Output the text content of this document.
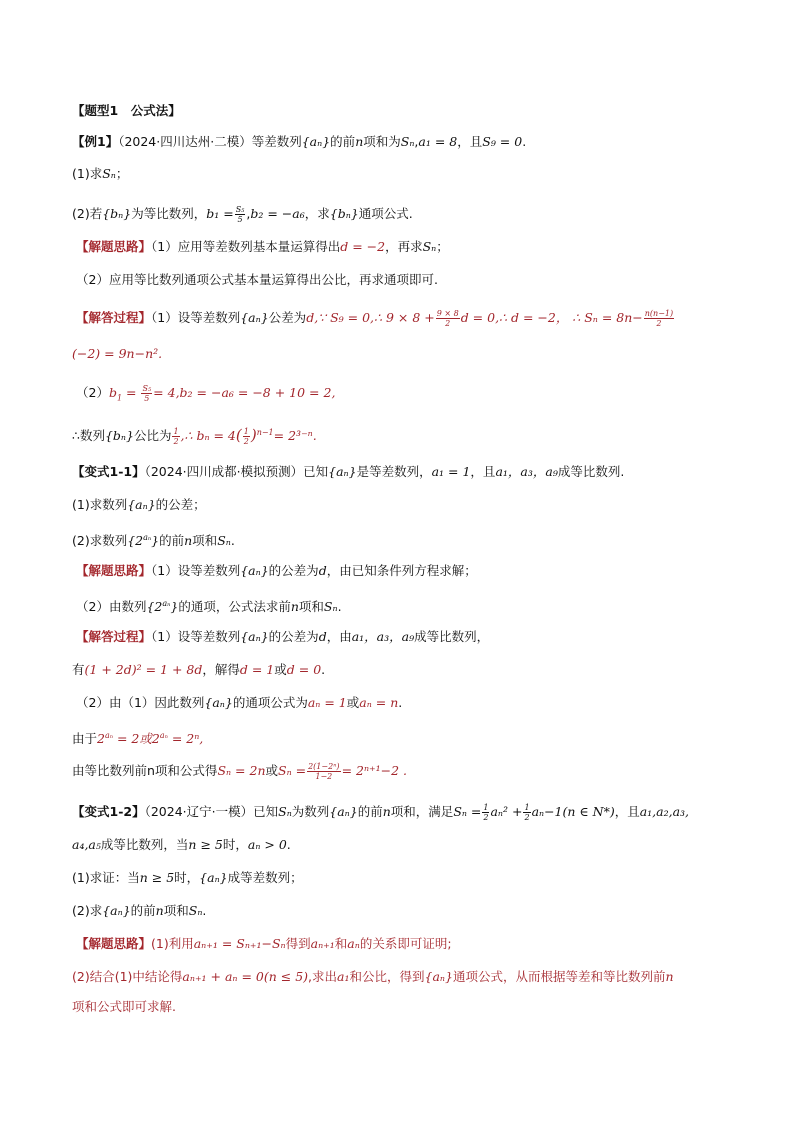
【题型1　公式法】
【例1】（2024·四川达州·二模）等差数列{aₙ}的前n项和为Sₙ,a₁ = 8，且S₉ = 0.
(1)求Sₙ；
(2)若{bₙ}为等比数列，$b_1 = \frac{\text{S₅}}{5} ,b_2 = -a_6$，求{bₙ}通项公式.
【解题思路】（1）应用等差数列基本量运算得出d = −2，再求Sₙ；
（2）应用等比数列通项公式基本量运算得出公比，再求通项即可.
【解答过程】（1）设等差数列{aₙ}公差为d,∵ S₉ = 0,∴ $9 \times 8 + \frac{9 \times 8}{2}$ d = 0,∴ d = −2， ∴ $S_n = 8n- \frac{n(n-1)}{2}$
(−2) = 9n−n².
$(2)b_1 = \frac{\text{S₅}}{5} = 4,b_2 = -a_6 = -8 + 10 = 2$,
∴数列{bₙ}公比为 $\frac{1}{2}$ ,∴ $b_n = 4( \frac{1}{2} )^{n-1}= 2^{3-n}$.
【变式1-1】（2024·四川成都·模拟预测）已知{aₙ}是等差数列，a₁ = 1，且a₁，a₃，a₉成等比数列.
(1)求数列{aₙ}的公差；
(2)求数列$\{2^{a_n}\}$的前n项和Sₙ.
【解题思路】（1）设等差数列{aₙ}的公差为d，由已知条件列方程求解；
（2）由数列$\{2^{a_n}\}$的通项，公式法求前n项和Sₙ.
【解答过程】（1）设等差数列{aₙ}的公差为d，由a₁，a₃，a₉成等比数列，
有(1 + 2d)² = 1 + 8d，解得d = 1或d = 0.
（2）由（1）因此数列{aₙ}的通项公式为aₙ = 1或aₙ = n.
由于$2^{a_n} = 2$或$2^{a_n} = 2^n$,
由等比数列前n项和公式得Sₙ = 2n或$S_n = \frac{\text{2(1−2ⁿ)}}{1-2} = 2^{n+1}-2$ .
【变式1-2】（2024·辽宁·一模）已知Sₙ为数列{aₙ}的前n项和，满足$S_n = \frac{1}{2} a_n^2 + \frac{1}{2} a_n-1(n$ ∈ N*)，且a₁,a₂,a₃,
a₄,a₅成等比数列，当n ≥ 5时，aₙ > 0.
(1)求证：当n ≥ 5时，{aₙ}成等差数列；
(2)求{aₙ}的前n项和Sₙ.
【解题思路】(1)利用aₙ₊₁ = Sₙ₊₁−Sₙ得到aₙ₊₁和aₙ的关系即可证明;
(2)结合(1)中结论得aₙ₊₁ + aₙ = 0(n ≤ 5),求出a₁和公比，得到{aₙ}通项公式，从而根据等差和等比数列前n
项和公式即可求解.
